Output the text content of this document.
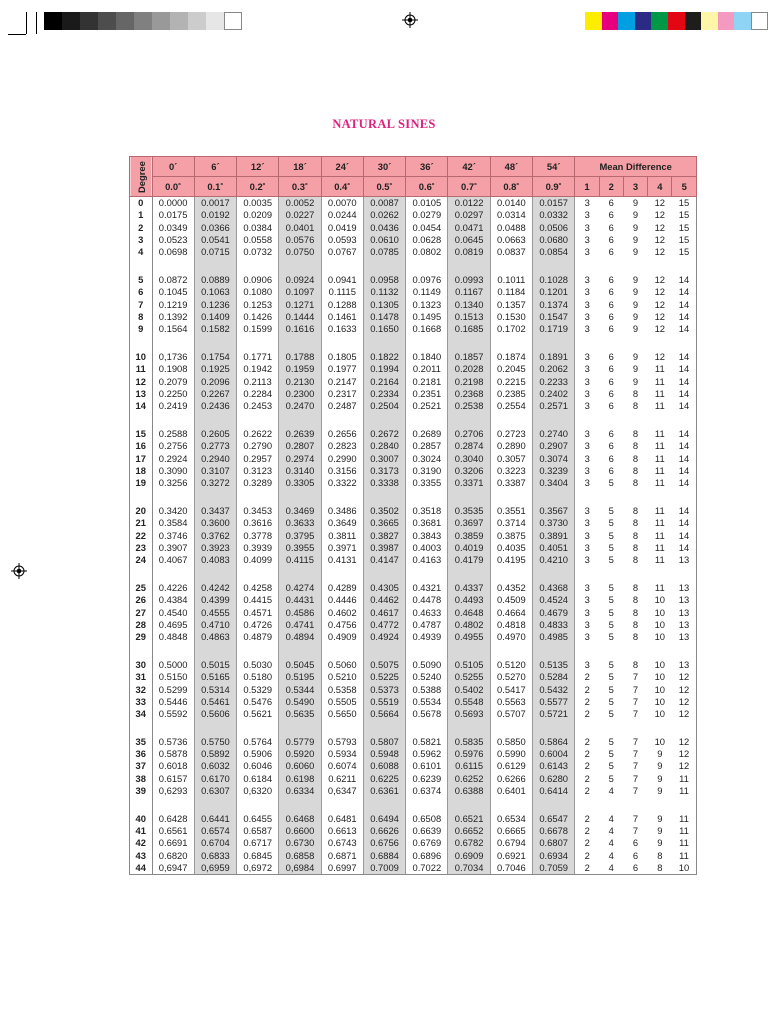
NATURAL SINES
Degree	0´	6´	12´	18´	24´	30´	36´	42´	48´	54´	Mean Difference				
	0.0˚	0.1˚	0.2˚	0.3˚	0.4˚	0.5˚	0.6˚	0.7˚	0.8˚	0.9˚	1	2	3	4	5
0	0.0000	0.0017	0.0035	0.0052	0.0070	0.0087	0.0105	0.0122	0.0140	0.0157	3	6	9	12	15
1	0.0175	0.0192	0.0209	0.0227	0.0244	0.0262	0.0279	0.0297	0.0314	0.0332	3	6	9	12	15
2	0.0349	0.0366	0.0384	0.0401	0.0419	0.0436	0.0454	0.0471	0.0488	0.0506	3	6	9	12	15
3	0.0523	0.0541	0.0558	0.0576	0.0593	0.0610	0.0628	0.0645	0.0663	0.0680	3	6	9	12	15
4	0.0698	0.0715	0.0732	0.0750	0.0767	0.0785	0.0802	0.0819	0.0837	0.0854	3	6	9	12	15

5	0.0872	0.0889	0.0906	0.0924	0.0941	0.0958	0.0976	0.0993	0.1011	0.1028	3	6	9	12	14
6	0.1045	0.1063	0.1080	0.1097	0.1115	0.1132	0.1149	0.1167	0.1184	0.1201	3	6	9	12	14
7	0.1219	0.1236	0.1253	0.1271	0.1288	0.1305	0.1323	0.1340	0.1357	0.1374	3	6	9	12	14
8	0.1392	0.1409	0.1426	0.1444	0.1461	0.1478	0.1495	0.1513	0.1530	0.1547	3	6	9	12	14
9	0.1564	0.1582	0.1599	0.1616	0.1633	0.1650	0.1668	0.1685	0.1702	0.1719	3	6	9	12	14

10	0,1736	0.1754	0.1771	0.1788	0.1805	0.1822	0.1840	0.1857	0.1874	0.1891	3	6	9	12	14
11	0.1908	0.1925	0.1942	0.1959	0.1977	0.1994	0.2011	0.2028	0.2045	0.2062	3	6	9	11	14
12	0.2079	0.2096	0.2113	0.2130	0.2147	0.2164	0.2181	0.2198	0.2215	0.2233	3	6	9	11	14
13	0.2250	0.2267	0.2284	0.2300	0.2317	0.2334	0.2351	0.2368	0.2385	0.2402	3	6	8	11	14
14	0.2419	0.2436	0.2453	0.2470	0.2487	0.2504	0.2521	0.2538	0.2554	0.2571	3	6	8	11	14

15	0.2588	0.2605	0.2622	0.2639	0.2656	0.2672	0.2689	0.2706	0.2723	0.2740	3	6	8	11	14
16	0.2756	0.2773	0.2790	0.2807	0.2823	0.2840	0.2857	0.2874	0.2890	0.2907	3	6	8	11	14
17	0.2924	0.2940	0.2957	0.2974	0.2990	0.3007	0.3024	0.3040	0.3057	0.3074	3	6	8	11	14
18	0.3090	0.3107	0.3123	0.3140	0.3156	0.3173	0.3190	0.3206	0.3223	0.3239	3	6	8	11	14
19	0.3256	0.3272	0.3289	0.3305	0.3322	0.3338	0.3355	0.3371	0.3387	0.3404	3	5	8	11	14

20	0.3420	0.3437	0.3453	0.3469	0.3486	0.3502	0.3518	0.3535	0.3551	0.3567	3	5	8	11	14
21	0.3584	0.3600	0.3616	0.3633	0.3649	0.3665	0.3681	0.3697	0.3714	0.3730	3	5	8	11	14
22	0.3746	0.3762	0.3778	0.3795	0.3811	0.3827	0.3843	0.3859	0.3875	0.3891	3	5	8	11	14
23	0.3907	0.3923	0.3939	0.3955	0.3971	0.3987	0.4003	0.4019	0.4035	0.4051	3	5	8	11	14
24	0.4067	0.4083	0.4099	0.4115	0.4131	0.4147	0.4163	0.4179	0.4195	0.4210	3	5	8	11	13

25	0.4226	0.4242	0.4258	0.4274	0.4289	0.4305	0.4321	0.4337	0.4352	0.4368	3	5	8	11	13
26	0.4384	0.4399	0.4415	0.4431	0.4446	0.4462	0.4478	0.4493	0.4509	0.4524	3	5	8	10	13
27	0.4540	0.4555	0.4571	0.4586	0.4602	0.4617	0.4633	0.4648	0.4664	0.4679	3	5	8	10	13
28	0.4695	0.4710	0.4726	0.4741	0.4756	0.4772	0.4787	0.4802	0.4818	0.4833	3	5	8	10	13
29	0.4848	0.4863	0.4879	0.4894	0.4909	0.4924	0.4939	0.4955	0.4970	0.4985	3	5	8	10	13

30	0.5000	0.5015	0.5030	0.5045	0.5060	0.5075	0.5090	0.5105	0.5120	0.5135	3	5	8	10	13
31	0.5150	0.5165	0.5180	0.5195	0.5210	0.5225	0.5240	0.5255	0.5270	0.5284	2	5	7	10	12
32	0.5299	0.5314	0.5329	0.5344	0.5358	0.5373	0.5388	0.5402	0.5417	0.5432	2	5	7	10	12
33	0.5446	0.5461	0.5476	0.5490	0.5505	0.5519	0.5534	0.5548	0.5563	0.5577	2	5	7	10	12
34	0.5592	0.5606	0.5621	0.5635	0.5650	0.5664	0.5678	0.5693	0.5707	0.5721	2	5	7	10	12

35	0.5736	0.5750	0.5764	0.5779	0.5793	0.5807	0.5821	0.5835	0.5850	0.5864	2	5	7	10	12
36	0.5878	0.5892	0.5906	0.5920	0.5934	0.5948	0.5962	0.5976	0.5990	0.6004	2	5	7	9	12
37	0.6018	0.6032	0.6046	0.6060	0.6074	0.6088	0.6101	0.6115	0.6129	0.6143	2	5	7	9	12
38	0.6157	0.6170	0.6184	0.6198	0.6211	0.6225	0.6239	0.6252	0.6266	0.6280	2	5	7	9	11
39	0,6293	0.6307	0,6320	0.6334	0,6347	0.6361	0.6374	0.6388	0.6401	0.6414	2	4	7	9	11

40	0.6428	0.6441	0.6455	0.6468	0.6481	0.6494	0.6508	0.6521	0.6534	0.6547	2	4	7	9	11
41	0.6561	0.6574	0.6587	0.6600	0.6613	0.6626	0.6639	0.6652	0.6665	0.6678	2	4	7	9	11
42	0.6691	0.6704	0.6717	0.6730	0.6743	0.6756	0.6769	0.6782	0.6794	0.6807	2	4	6	9	11
43	0.6820	0.6833	0.6845	0.6858	0.6871	0.6884	0.6896	0.6909	0.6921	0.6934	2	4	6	8	11
44	0,6947	0,6959	0,6972	0,6984	0.6997	0.7009	0.7022	0.7034	0.7046	0.7059	2	4	6	8	10
